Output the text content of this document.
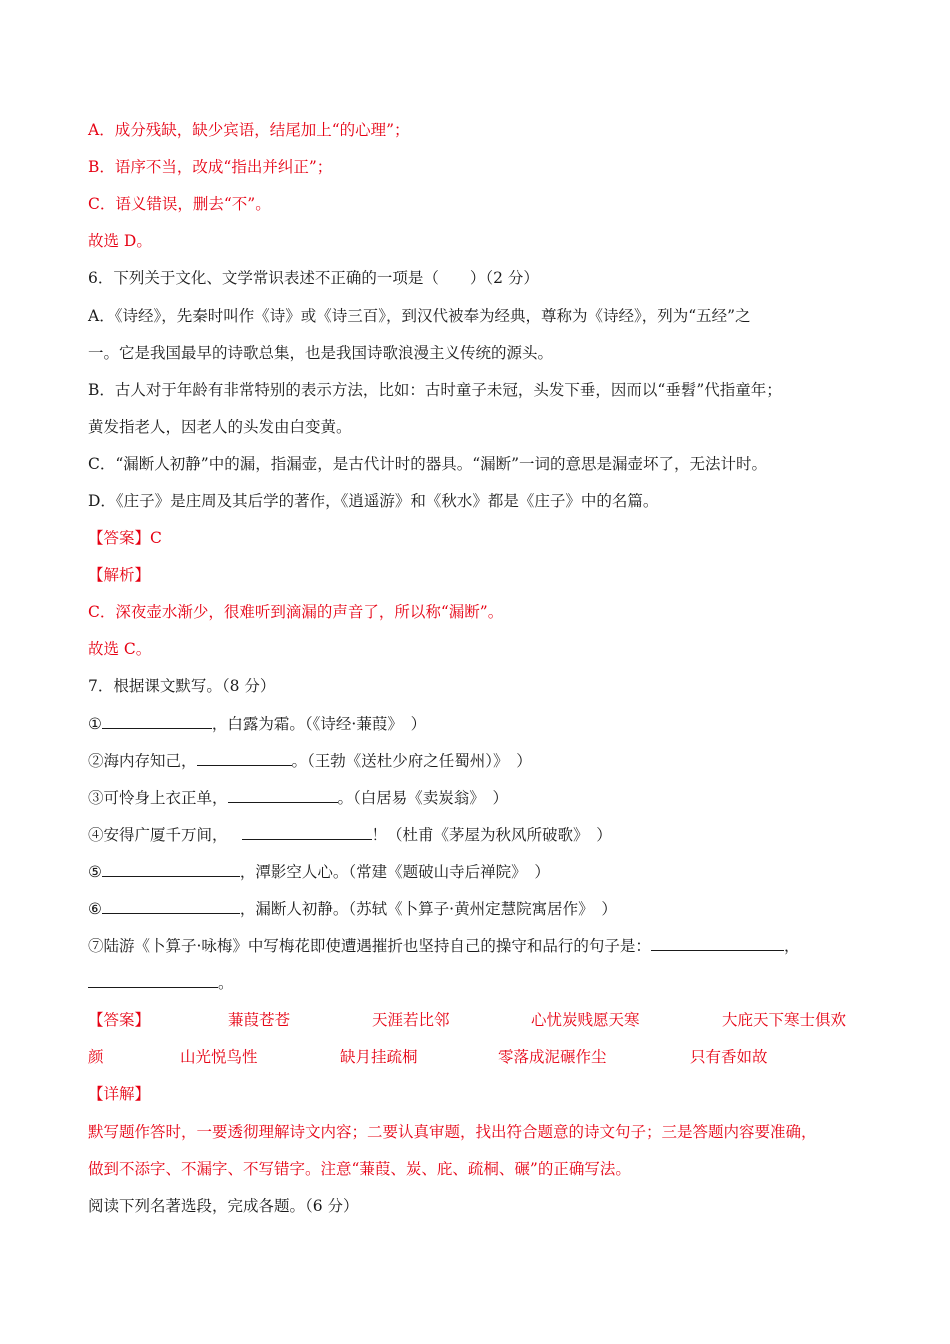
A．成分残缺，缺少宾语，结尾加上“的心理”；
B．语序不当，改成“指出并纠正”；
C．语义错误，删去“不”。
故选 D。
6．下列关于文化、文学常识表述不正确的一项是（　　）（2 分）
A．《诗经》，先秦时叫作《诗》或《诗三百》，到汉代被奉为经典，尊称为《诗经》，列为“五经”之
一。它是我国最早的诗歌总集，也是我国诗歌浪漫主义传统的源头。
B．古人对于年龄有非常特别的表示方法，比如：古时童子未冠，头发下垂，因而以“垂髫”代指童年；
黄发指老人，因老人的头发由白变黄。
C．“漏断人初静”中的漏，指漏壶，是古代计时的器具。“漏断”一词的意思是漏壶坏了，无法计时。
D．《庄子》是庄周及其后学的著作，《逍遥游》和《秋水》都是《庄子》中的名篇。
【答案】C
【解析】
C．深夜壶水渐少，很难听到滴漏的声音了，所以称“漏断”。
故选 C。
7．根据课文默写。（8 分）
①	，白露为霜。（《诗经·蒹葭》　）
②海内存知己，	。（王勃《送杜少府之任蜀州）》　）
③可怜身上衣正单，	。（白居易《卖炭翁》　）
④安得广厦千万间，	！（杜甫《茅屋为秋风所破歌》　）
⑤	，潭影空人心。（常建《题破山寺后禅院》　）
⑥	，漏断人初静。（苏轼《卜算子·黄州定慧院寓居作》　）
⑦陆游《卜算子·咏梅》中写梅花即使遭遇摧折也坚持自己的操守和品行的句子是：	，
。
【答案】	蒹葭苍苍	天涯若比邻	心忧炭贱愿天寒	大庇天下寒士俱欢
颜	山光悦鸟性	缺月挂疏桐	零落成泥碾作尘	只有香如故
【详解】
默写题作答时，一要透彻理解诗文内容；二要认真审题，找出符合题意的诗文句子；三是答题内容要准确，
做到不添字、不漏字、不写错字。注意“蒹葭、炭、庇、疏桐、碾”的正确写法。
阅读下列名著选段，完成各题。（6 分）
